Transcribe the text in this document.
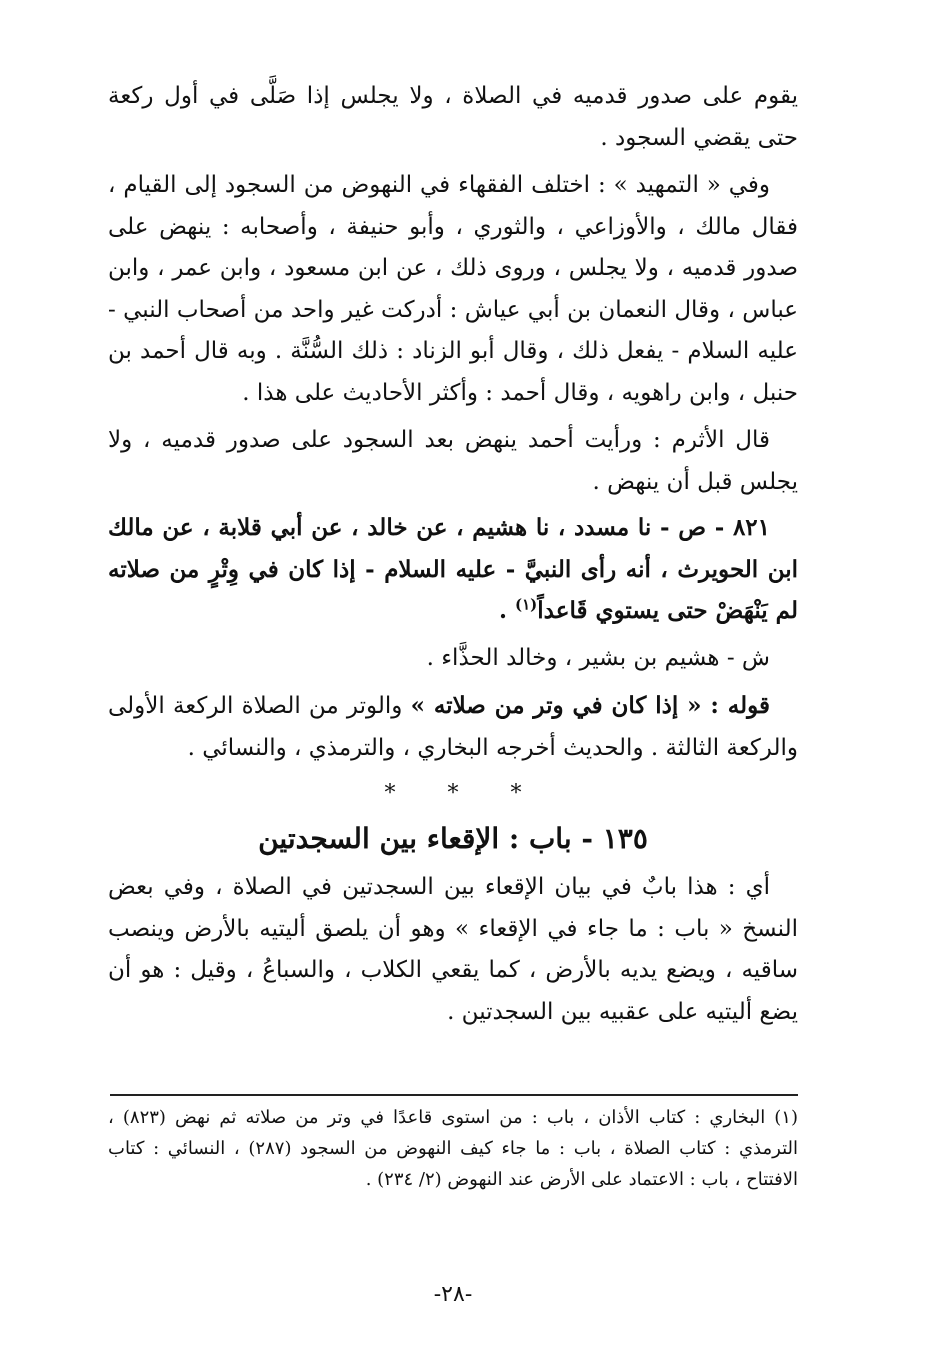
يقوم على صدور قدميه في الصلاة ، ولا يجلس إذا صَلَّى في أول ركعة حتى يقضي السجود .

وفي « التمهيد » : اختلف الفقهاء في النهوض من السجود إلى القيام ، فقال مالك ، والأوزاعي ، والثوري ، وأبو حنيفة ، وأصحابه : ينهض على صدور قدميه ، ولا يجلس ، وروى ذلك ، عن ابن مسعود ، وابن عمر ، وابن عباس ، وقال النعمان بن أبي عياش : أدركت غير واحد من أصحاب النبي - عليه السلام - يفعل ذلك ، وقال أبو الزناد : ذلك السُّنَّة . وبه قال أحمد بن حنبل ، وابن راهويه ، وقال أحمد : وأكثر الأحاديث على هذا .

قال الأثرم : ورأيت أحمد ينهض بعد السجود على صدور قدميه ، ولا يجلس قبل أن ينهض .

٨٢١ - ص - نا مسدد ، نا هشيم ، عن خالد ، عن أبي قلابة ، عن مالك ابن الحويرث ، أنه رأى النبيَّ - عليه السلام - إذا كان في وِتْرٍ من صلاته لم يَنْهَضْ حتى يستوي قَاعداً$^{(١)}$ .

ش - هشيم بن بشير ، وخالد الحذَّاء .

قوله : « إذا كان في وتر من صلاته » والوتر من الصلاة الركعة الأولى والركعة الثالثة . والحديث أخرجه البخاري ، والترمذي ، والنسائي .

***
١٣٥ - باب : الإقعاء بين السجدتين

أي : هذا بابٌ في بيان الإقعاء بين السجدتين في الصلاة ، وفي بعض النسخ « باب : ما جاء في الإقعاء » وهو أن يلصق أليتيه بالأرض وينصب ساقيه ، ويضع يديه بالأرض ، كما يقعي الكلاب ، والسباعُ ، وقيل : هو أن يضع أليتيه على عقبيه بين السجدتين .

(١) البخاري : كتاب الأذان ، باب : من استوى قاعدًا في وتر من صلاته ثم نهض (٨٢٣) ، الترمذي : كتاب الصلاة ، باب : ما جاء كيف النهوض من السجود (٢٨٧) ، النسائي : كتاب الافتتاح ، باب : الاعتماد على الأرض عند النهوض (٢/ ٢٣٤) .

-٢٨-
